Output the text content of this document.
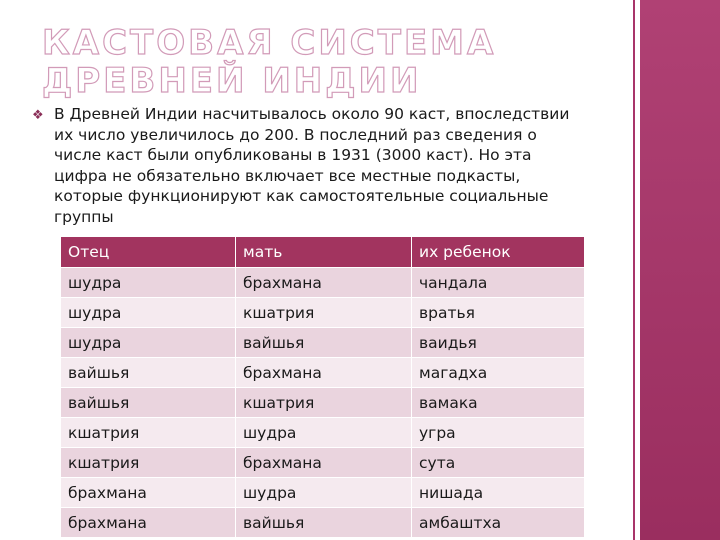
КАСТОВАЯ СИСТЕМА ДРЕВНЕЙ ИНДИИ
❖ В Древней Индии насчитывалось около 90 каст, впоследствии их число увеличилось до 200. В последний раз сведения о числе каст были опубликованы в 1931 (3000 каст). Но эта цифра не обязательно включает все местные подкасты, которые функционируют как самостоятельные социальные группы
Отец	мать	их ребенок
шудра	брахмана	чандала
шудра	кшатрия	вратья
шудра	вайшья	ваидья
вайшья	брахмана	магадха
вайшья	кшатрия	вамака
кшатрия	шудра	угра
кшатрия	брахмана	сута
брахмана	шудра	нишада
брахмана	вайшья	амбаштха
